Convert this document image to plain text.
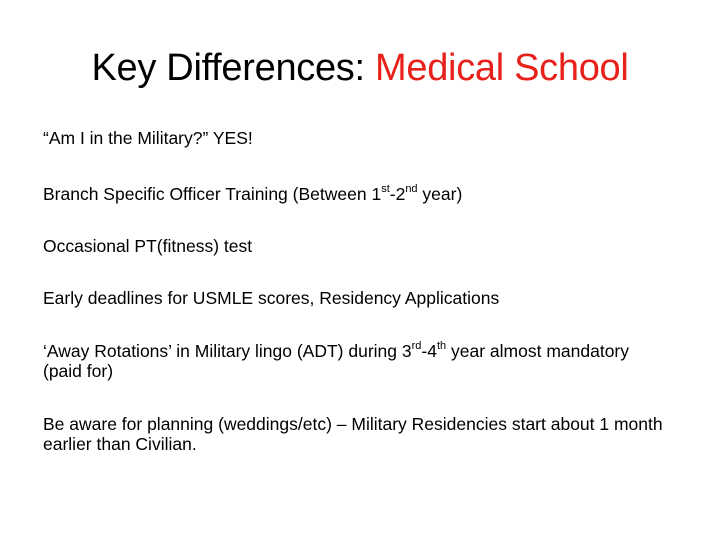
Key Differences: Medical School
“Am I in the Military?” YES!
Branch Specific Officer Training (Between 1st-2nd year)
Occasional PT(fitness) test
Early deadlines for USMLE scores, Residency Applications
‘Away Rotations’ in Military lingo (ADT) during 3rd-4th year almost mandatory (paid for)
Be aware for planning (weddings/etc) – Military Residencies start about 1 month earlier than Civilian.
